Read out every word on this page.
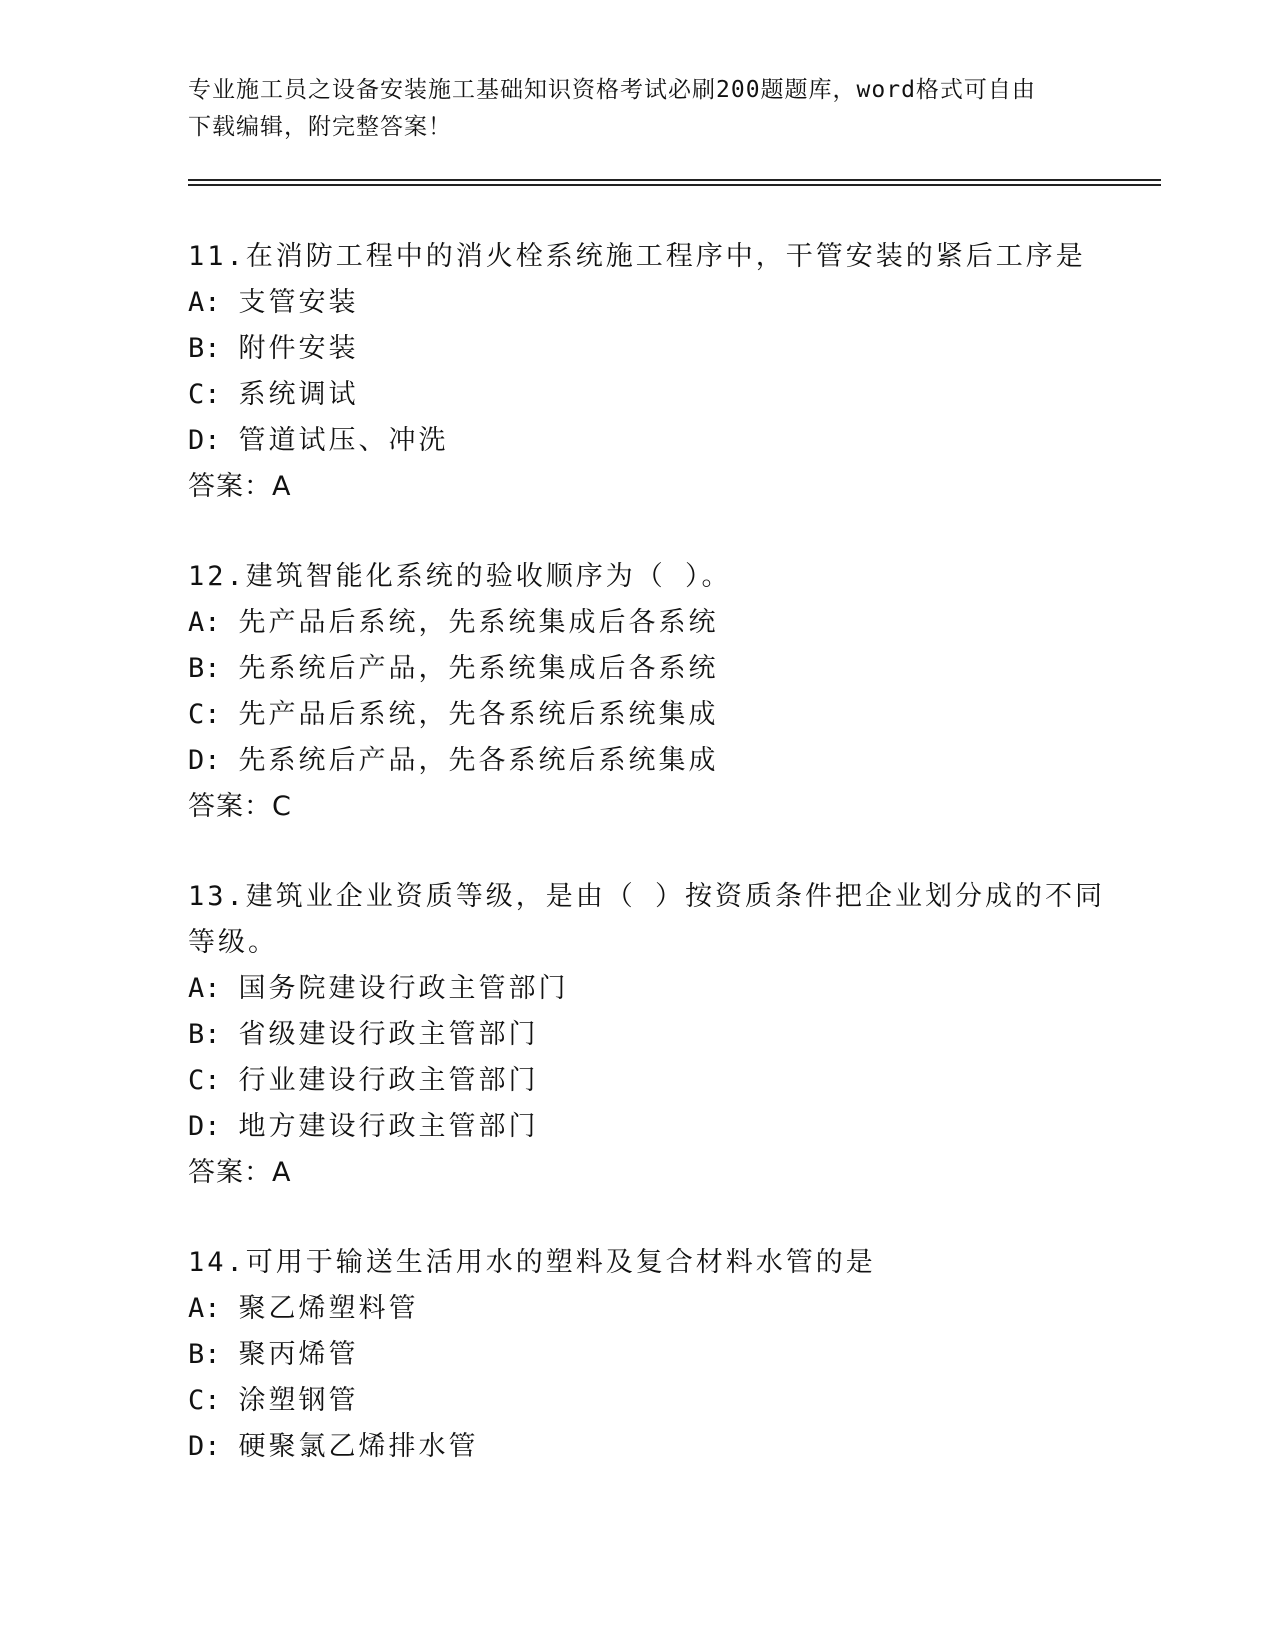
专业施工员之设备安装施工基础知识资格考试必刷200题题库，word格式可自由
下载编辑，附完整答案！
11.在消防工程中的消火栓系统施工程序中，干管安装的紧后工序是
A: 支管安装
B: 附件安装
C: 系统调试
D: 管道试压、冲洗
答案：A
12.建筑智能化系统的验收顺序为（ ）。
A: 先产品后系统，先系统集成后各系统
B: 先系统后产品，先系统集成后各系统
C: 先产品后系统，先各系统后系统集成
D: 先系统后产品，先各系统后系统集成
答案：C
13.建筑业企业资质等级，是由（ ）按资质条件把企业划分成的不同
等级。
A: 国务院建设行政主管部门
B: 省级建设行政主管部门
C: 行业建设行政主管部门
D: 地方建设行政主管部门
答案：A
14.可用于输送生活用水的塑料及复合材料水管的是
A: 聚乙烯塑料管
B: 聚丙烯管
C: 涂塑钢管
D: 硬聚氯乙烯排水管
